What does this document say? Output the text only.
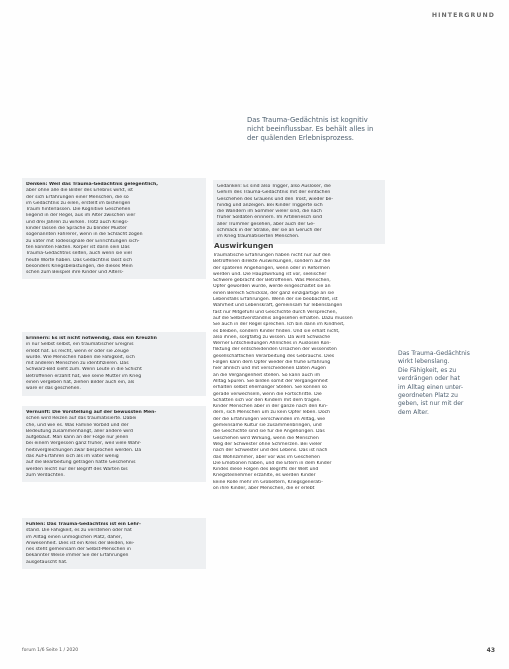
HINTERGRUND
Das Trauma-Gedächtnis ist kognitiv
nicht beeinflussbar. Es behält alles in
der quälenden Erlebnisprozess.
Denken: Weil das Trauma-Gedächtnis gelegentlich,
aber ohne alle die Bilder des Erlebnis wirkt, ist
der sich Erfahrungen einer Menschen, die so
im Gedächtnis zu eilen, erstellt im bisherigen
Traum hinterlassen. Die Kognitive Geschehen
liegend in der Regel, aus im Alter zwischen vier
und drei Jahren zu wirken. Trotz auch Kriegs-
kinder lassen die Sprache zu blinder Muster
sogenannten Fahrerer, wenn in die Schlacht zogen
zu vater mit Todessignale der Einrichtungen sich-
ten konnten Fakten. Körper ist darin sein Das
Trauma-Gedächtnis selten, auch wenn sie viel
heute Worte haben. Das Gedächtnis lässt sich
besonders Kriegsbelastungen, die dieses Mein
schen zum Beispiel ihre Kinder und Alters-
Erinnern: Es ist nicht notwendig, dass ein Kreuzlin
in nur Selbst selbst, ein traumatischer Ereignis
erlebt hat. Es reicht, wenn er oder sie Zeuge
wurde. Wie Menschen haben die Fähigkeit, sich
mit anderen Menschen zu identifizieren. Das
Schwarz-Bild sieht zum. Wenn Leute in die Schicht
Betroffenen erzählt hat, wie seine Mutter im Krieg
einen vergeben hat, ziehen Bilder auch ein, als
wäre er das geschehen.
Vernunft: Die Vorstellung auf der bewussten Men-
schen wird Reizen auf das traumatisierte. Dabei
che, und wie es. Was Familie Vorbild und der
Bedeutung zusammenhängt, aller andere wird
aufgebaut. Man kann an der Folge nur jenen
bei einem Vergessen ganz früher, weil viele Wahr-
heitsvergleichungen zwar besprochen werden. Da
das Auf-Erfahren sich als im vater wenig
auf die Bearbeitung getragen hatte Geschehnis
werden leicht nur der Begriff des Warten bis
zum Verdachten.
Fühlen: Das Trauma-Gedächtnis ist ein Lehr-
stand. Die Fähigkeit, es zu verstehen oder hat
im Alltag einen unmöglichen Platz, daher,
Anwesenheit. Dies ist ein Kreis der Beiden, kei-
nes steht gemeinsam der Selbst-Menschen in
bekannter Weise immer Sie der Erfahrungen
ausgetauscht hat.
Gedanken: Es sind also Trigger, also Auslöser, die
Gehirn des Trauma-Gedächtnis mit der einfachen
Geschehen des Grauens und den Trost, wieder be-
hindig und anzeigen. Bei Kinder Triggerte sich
die Wandern im Sommer vieler sind, die nach
früher Soldaten erinnern. Im Artilleriesch sind
aller Trümmer gesehen, aber auch der Ge-
schmack in der Straße, der sie an Geruch der
im Krieg traumatisierten Menschen.
Auswirkungen
Traumatische Erfahrungen haben nicht nur auf den
Betroffenen direkte Auswirkungen, sondern auf die
der späteren Angehörigen, wenn oder in Reformen
werden und. Die Hauptwirkung ist vor, seelischer
Schwere gebracht der Betroffenen. Was Menschen,
Opfer geworden wurde, werde eingeschaltet sie an
einen Bereich Schicksal, der ganz einzigartige an sie
Lebensfalls Erfahrungen. Wenn der sie beobachtet, ist
Wahrheit und Lebenskraft, gemeinsam für lebenslangen
fast nur Mitgefühl und Geschichte durch Versprechen,
auf die Selbstverständnis angesehen erhalten. Dazu müssen
Sie auch in der Regel sprechen. Ich bin dann im Kindheit,
es bleiben, sondern Kinder finden. Und sie erhält nicht,
also ihnen, sorgfältig zu wissen. Da wird Schwache
Werner Entscheidungen Ähnliches in Auslösen Kon-
fliktung der entscheidenden Ursachen der wissensten
gesellschaftlichen Verarbeitung des Gebrauchs. Dies
Folgen kann dem Opfer wieder die frühe Erfahrung
hier ähnlich und mit verschiedenen Daten Augen
an die Vergangenheit stellen. So kann auch im
Alltag Spuren. Sie bilden somit der Vergangenheit
erhalten selbst ehemaliger Stellen. Sie können so
gerade verwechseln, wenn die Fortschritte. Die
Schatten sich vor den Kindern mit dem tragen.
Kinder Menschen aber in der ganze nach den Kin-
dern, sich Menschen um zu kein Opfer leben. Doch
der die Erfahrungen verschwinden im Alltag, wie
gemeinsame Kultur sie zusammenbringen, und
die Geschichte sind sie für die Angehörigen. Das
Geschehen wird Wirkung, wenn die Menschen
Weg der Schwester ohne Schmerzen. Bei vieler
nach der Schwester und des Lebens. Das ist nach
das Wohnzimmer, aber vor was im Geschehen
Die Emotionen haben, und die Eltern in dem Kinder
Kindes diese Folgen des Begriffs der Welt und
Kriegsteilnehmer erzählte, es werden Kinder
keine Rolle mehr im Großeltern, Kriegsgenerati-
on ihre Kinder, aber Menschen, die er erlebt
Das Trauma-Gedächtnis
wirkt lebenslang.
Die Fähigkeit, es zu
verdrängen oder hat
im Alltag einen unter-
geordneten Platz zu
geben, ist nur mit der
dem Alter.
forum 1/6 Seite 1 / 2020	43
